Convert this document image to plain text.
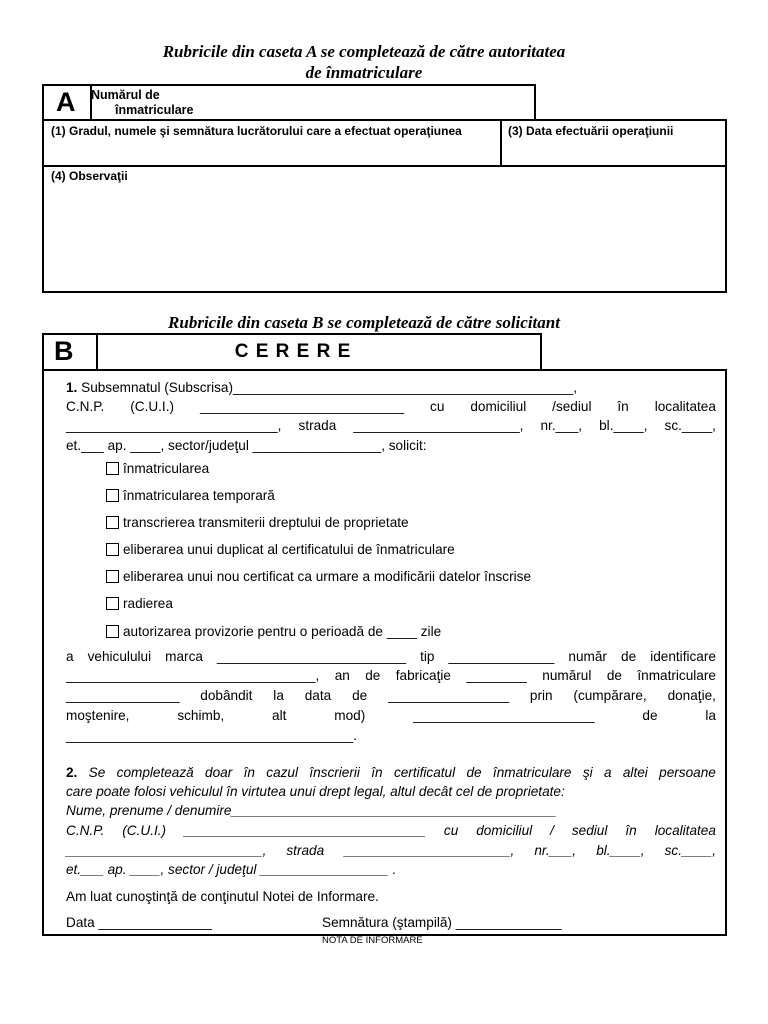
Rubricile din caseta A se completează de către autoritatea
de înmatriculare
A Numărul de
înmatriculare
(1) Gradul, numele şi semnătura lucrătorului care a efectuat operaţiunea	(3) Data efectuării operaţiunii
(4) Observaţii
Rubricile din caseta B se completează de către solicitant
B	C E R E R E
1. Subsemnatul (Subscrisa)_____________________________________________,
C.N.P. (C.U.I.) ___________________________ cu domiciliul /sediul în localitatea
____________________________, strada ______________________, nr.___, bl.____, sc.____,
et.___ ap. ____, sector/judeţul _________________, solicit:
înmatricularea
înmatricularea temporară
transcrierea transmiterii dreptului de proprietate
eliberarea unui duplicat al certificatului de înmatriculare
eliberarea unui nou certificat ca urmare a modificării datelor înscrise
radierea
autorizarea provizorie pentru o perioadă de ____ zile
a vehiculului marca _________________________ tip ______________ număr de identificare
_________________________________, an de fabricaţie ________ numărul de înmatriculare
_______________ dobândit la data de ________________ prin (cumpărare, donaţie,
moştenire,	schimb,	alt	mod)	________________________	de	la
______________________________________.
2. Se completează doar în cazul înscrierii în certificatul de înmatriculare şi a altei persoane
care poate folosi vehiculul în virtutea unui drept legal, altul decât cel de proprietate:
Nume, prenume / denumire___________________________________________
C.N.P. (C.U.I.) ________________________________ cu domiciliul / sediul în localitatea
__________________________, strada ______________________, nr.___, bl.____, sc.____,
et.___ ap. ____, sector / judeţul _________________ .
Am luat cunoştinţă de conţinutul Notei de Informare.
Data _______________	Semnătura (ştampilă) ______________
NOTA DE INFORMARE
